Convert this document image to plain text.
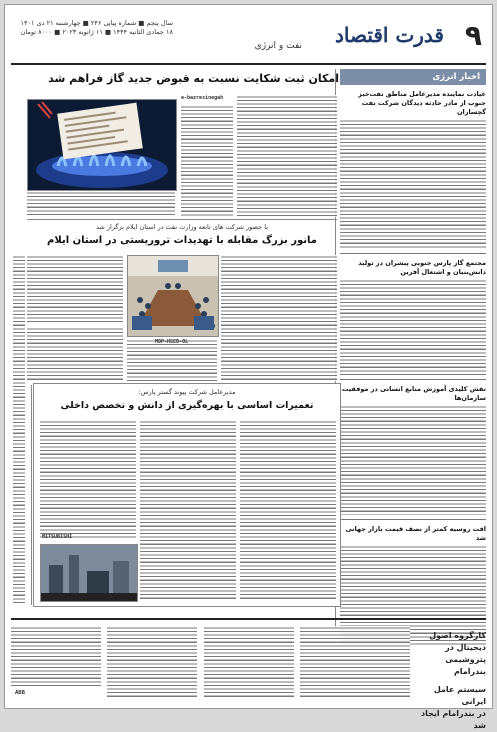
۹
قدرت اقتصاد
نفت و انرژی
سال پنجم ■ شماره پیاپی ۲۴۶ ■ چهارشنبه ۲۱ دی ۱۴۰۱
۱۸ جمادی الثانیه ۱۴۴۴ ■ ۱۱ ژانویه ۲۰۲۳ ■ ۸۰۰۰ تومان
اخبار انرژی
عیادت نماینده مدیرعامل مناطق نفت‌خیز جنوب از مادر حادثه دیدگان شرکت نفت گچساران
مجتمع گاز پارس جنوبی پیشران در تولید دانش‌بنیان و اشتغال آفرین
نقش کلیدی آموزش منابع انسانی در موفقیت سازمان‌ها
افت روسیه کمتر از نصف قیمت بازار جهانی شد
امکان ثبت شکایت نسبت به قبوض جدید گاز فراهم شد
e-bazresinegah
با حضور شرکت های تابعه وزارت نفت در استان ایلام برگزار شد
مانور بزرگ مقابله با تهدیدات تروریستی در استان ایلام
MOP-HSED-OL
مدیرعامل شرکت پیوند گستر پارس:
تعمیرات اساسی با بهره‌گیری از دانش و تخصص داخلی
MITSUBISHI
کارگروه اصول دیجیتال در پتروشیمی بندرامام
سیستم عامل ایرانی
در بندرامام ایجاد شد
ABB
